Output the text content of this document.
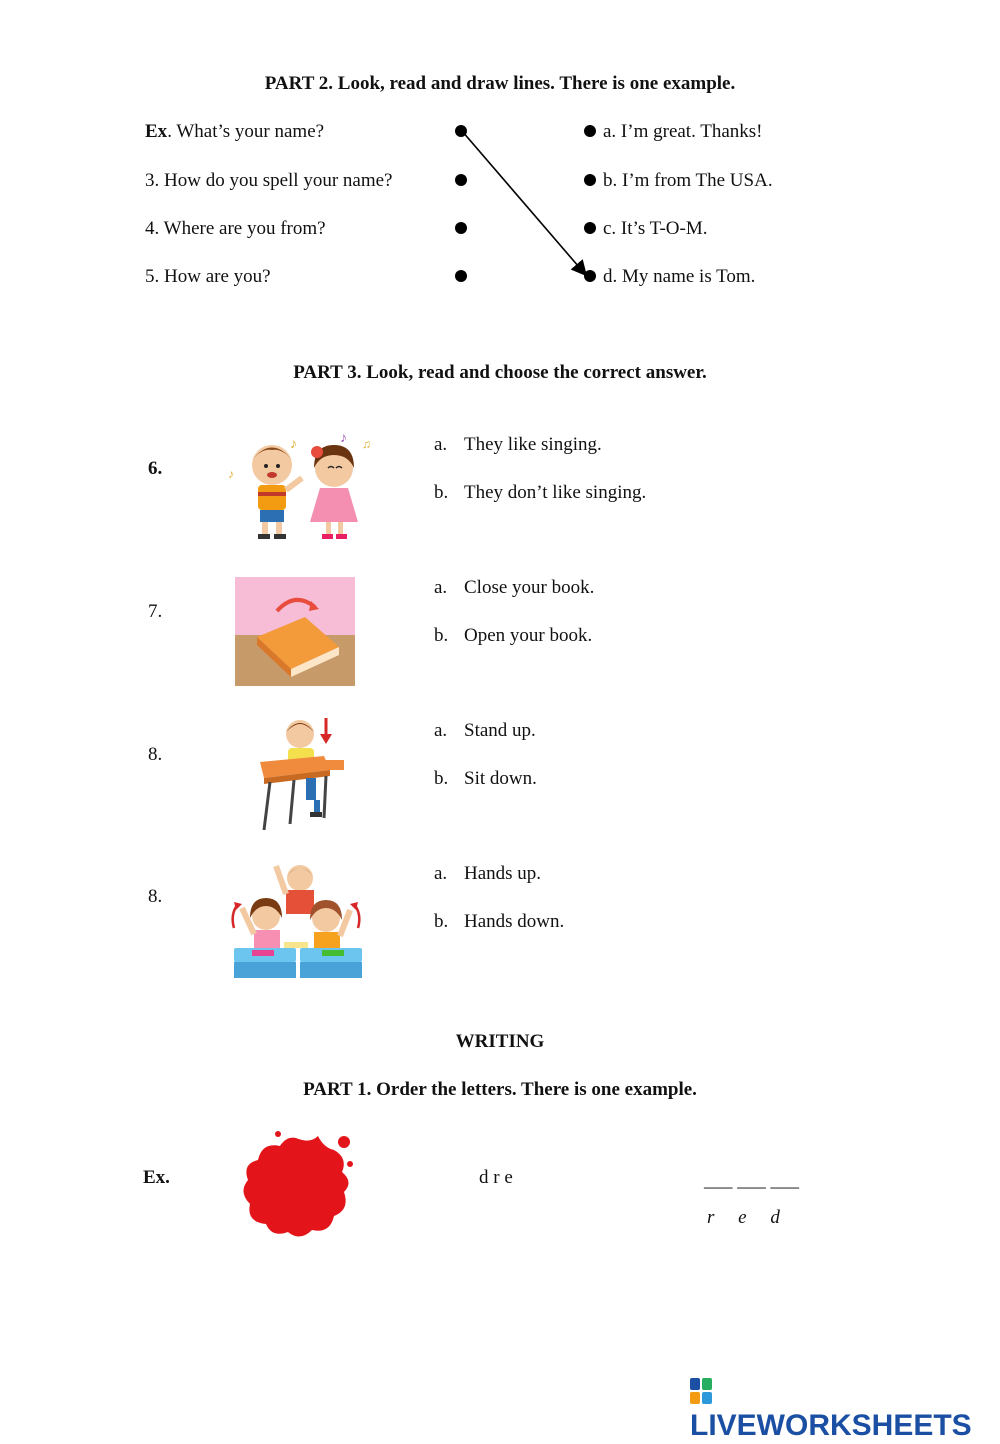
PART 2. Look, read and draw lines. There is one example.
Ex. What’s your name?
3. How do you spell your name?
4. Where are you from?
5. How are you?
a. I’m great. Thanks!
b. I’m from The USA.
c. It’s T-O-M.
d. My name is Tom.
PART 3. Look, read and choose the correct answer.
6.
♪	♪ ♫
♪
a. They like singing.
b. They don’t like singing.
7.
a. Close your book.
b. Open your book.
8.
a. Stand up.
b. Sit down.
8.
a. Hands up.
b. Hands down.
WRITING
PART 1. Order the letters. There is one example.
Ex.	d r e	___ ___ ___
r     e     d
LIVEWORKSHEETS
